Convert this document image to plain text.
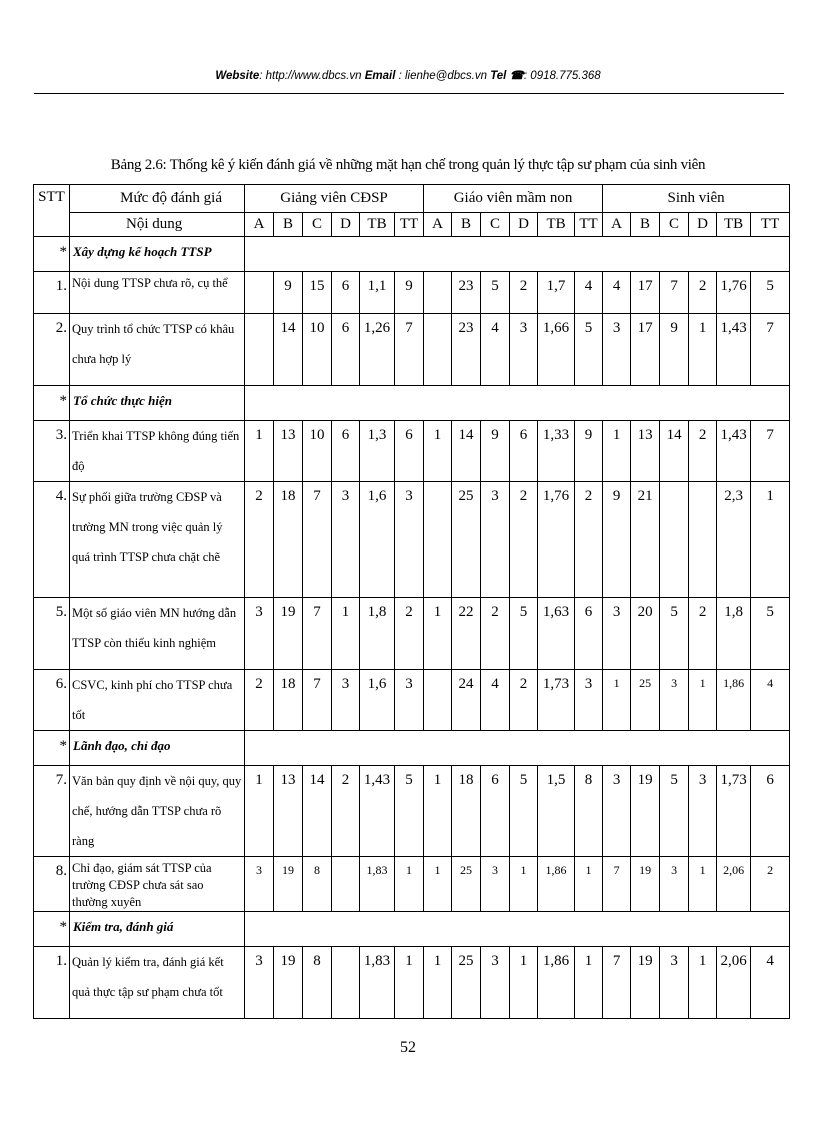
Website: http://www.dbcs.vn Email : lienhe@dbcs.vn Tel ☎: 0918.775.368
Bảng 2.6: Thống kê ý kiến đánh giá về những mặt hạn chế trong quản lý thực tập sư phạm của sinh viên
STT	Mức độ đánh giá	Giảng viên CĐSP						Giáo viên mầm non						Sinh viên					
	Nội dung	A	B	C	D	TB	TT	A	B	C	D	TB	TT	A	B	C	D	TB	TT
*	Xây dựng kế hoạch TTSP																		
1.	Nội dung TTSP chưa rõ, cụ thể		9	15	6	1,1	9		23	5	2	1,7	4	4	17	7	2	1,76	5
2.	Quy trình tổ chức TTSP có khâu chưa hợp lý		14	10	6	1,26	7		23	4	3	1,66	5	3	17	9	1	1,43	7
*	Tổ chức thực hiện																		
3.	Triển khai TTSP không đúng tiến độ	1	13	10	6	1,3	6	1	14	9	6	1,33	9	1	13	14	2	1,43	7
4.	Sự phối giữa trường CĐSP và trường MN trong việc quản lý quá trình TTSP chưa chặt chẽ	2	18	7	3	1,6	3		25	3	2	1,76	2	9	21			2,3	1
5.	Một số giáo viên MN hướng dẫn TTSP còn thiếu kinh nghiệm	3	19	7	1	1,8	2	1	22	2	5	1,63	6	3	20	5	2	1,8	5
6.	CSVC, kinh phí cho TTSP chưa tốt	2	18	7	3	1,6	3		24	4	2	1,73	3	1	25	3	1	1,86	4
*	Lãnh đạo, chỉ đạo																		
7.	Văn bản quy định về nội quy, quy chế, hướng dẫn TTSP chưa rõ ràng	1	13	14	2	1,43	5	1	18	6	5	1,5	8	3	19	5	3	1,73	6
8.	Chỉ đạo, giám sát TTSP của trường CĐSP chưa sát sao thường xuyên	3	19	8		1,83	1	1	25	3	1	1,86	1	7	19	3	1	2,06	2
*	Kiểm tra, đánh giá																		
1.	Quản lý kiểm tra, đánh giá kết quả thực tập sư phạm chưa tốt	3	19	8		1,83	1	1	25	3	1	1,86	1	7	19	3	1	2,06	4
52
